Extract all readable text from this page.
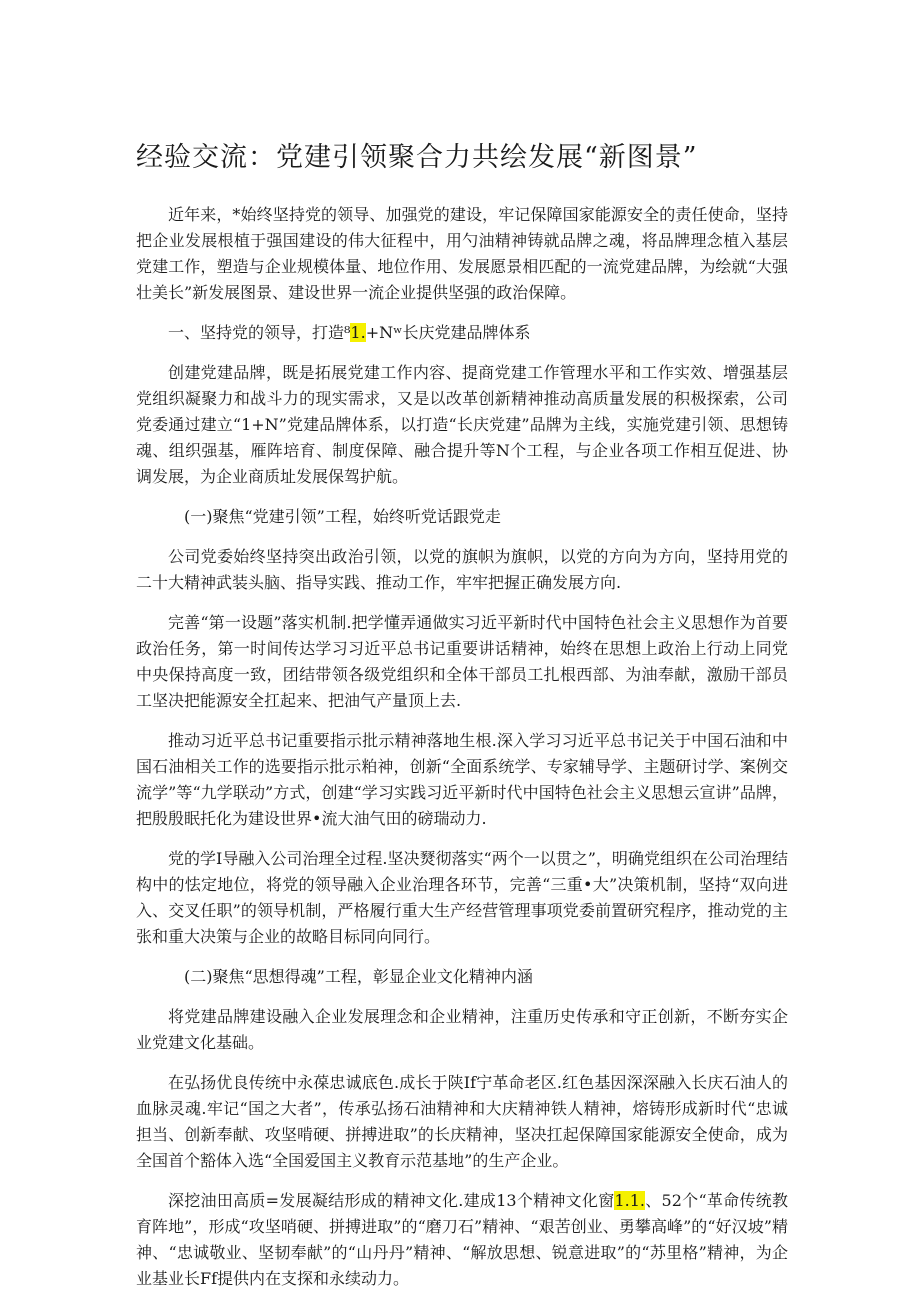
经验交流：党建引领聚合力共绘发展“新图景”

近年来，*始终坚持党的领导、加强党的建设，牢记保障国家能源安全的责任使命，坚持把企业发展根植于强国建设的伟大征程中，用勺油精神铸就品牌之魂，将品牌理念植入基层党建工作，塑造与企业规模体量、地位作用、发展愿景相匹配的一流党建品牌，为绘就“大强壮美长”新发展图景、建设世界一流企业提供坚强的政治保障。

一、坚持党的领导，打造⁸1.+Nʷ长庆党建品牌体系

创建党建品牌，既是拓展党建工作内容、提商党建工作管理水平和工作实效、增强基层党组织凝聚力和战斗力的现实需求，又是以改革创新精神推动高质量发展的积极探索，公司党委通过建立“1+N”党建品牌体系，以打造“长庆党建”品牌为主线，实施党建引领、思想铸魂、组织强基，雁阵培育、制度保障、融合提升等N个工程，与企业各项工作相互促进、协调发展，为企业商质址发展保驾护航。

(一)聚焦“党建引领”工程，始终听党话跟党走

公司党委始终坚持突出政治引领，以党的旗帜为旗帜，以党的方向为方向，坚持用党的二十大精神武装头脑、指导实践、推动工作，牢牢把握正确发展方向.

完善“第一设题”落实机制.把学懂弄通做实习近平新时代中国特色社会主义思想作为首要政治任务，第一时间传达学习习近平总书记重要讲话精神，始终在思想上政治上行动上同党中央保持高度一致，团结带领各级党组织和全体干部员工扎根西部、为油奉献，激励干部员工坚决把能源安全扛起来、把油气产量顶上去.

推动习近平总书记重要指示批示精神落地生根.深入学习习近平总书记关于中国石油和中国石油相关工作的选要指示批示粕神，创新“全面系统学、专家辅导学、主题研讨学、案例交流学”等“九学联动”方式，创建“学习实践习近平新时代中国特色社会主义思想云宣讲”品牌，把殷殷眠托化为建设世界•流大油气田的磅瑞动力.

党的学Ⅰ导融入公司治理全过程.坚决燹彻落实“两个一以贯之”，明确党组织在公司治理结构中的怯定地位，将党的领导融入企业治理各环节，完善“三重•大”决策机制，坚持“双向进入、交叉任职”的领导机制，严格履行重大生产经营管理事项党委前置研究程序，推动党的主张和重大决策与企业的故略目标同向同行。

(二)聚焦“思想得魂”工程，彰显企业文化精神内涵

将党建品牌建设融入企业发展理念和企业精神，注重历史传承和守正创新，不断夯实企业党建文化基础。

在弘扬优良传统中永葆忠诚底色.成长于陕If宁革命老区.红色基因深深融入长庆石油人的血脉灵魂.牢记“国之大者”，传承弘扬石油精神和大庆精神铁人精神，熔铸形成新时代“忠诚担当、创新奉献、攻坚啃硬、拼搏进取”的长庆精神，坚决扛起保障国家能源安全使命，成为全国首个豁体入选“全国爱国主义教育示范基地”的生产企业。

深挖油田高质=发展凝结形成的精神文化.建成13个精神文化窗1.1.、52个“革命传统教育阵地”，形成“攻坚哨硬、拼搏进取”的“磨刀石”精神、“艰苦创业、勇攀高峰”的“好汉坡”精神、“忠诚敬业、坚韧奉献”的“山丹丹”精神、“解放思想、锐意进取”的“苏里格”精神，为企业基业长Ff提供内在支探和永续动力。
